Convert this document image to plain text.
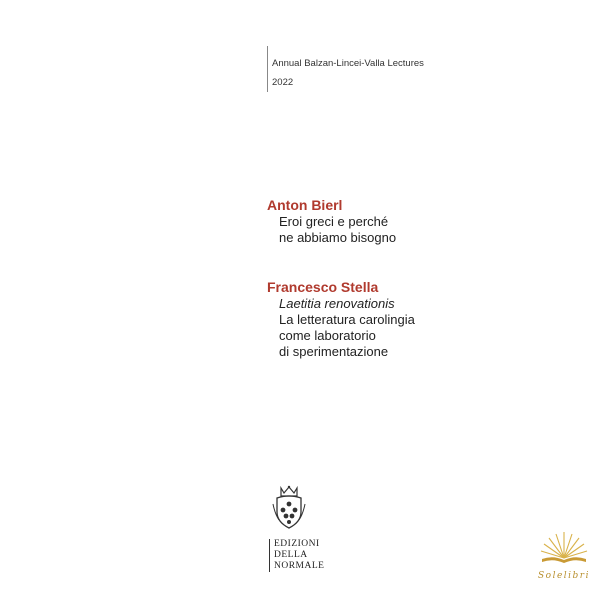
Annual Balzan-Lincei-Valla Lectures
2022
Anton Bierl
Eroi greci e perché
ne abbiamo bisogno
Francesco Stella
Laetitia renovationis
La letteratura carolingia
come laboratorio
di sperimentazione
EDIZIONI
DELLA
NORMALE
Solelibri
